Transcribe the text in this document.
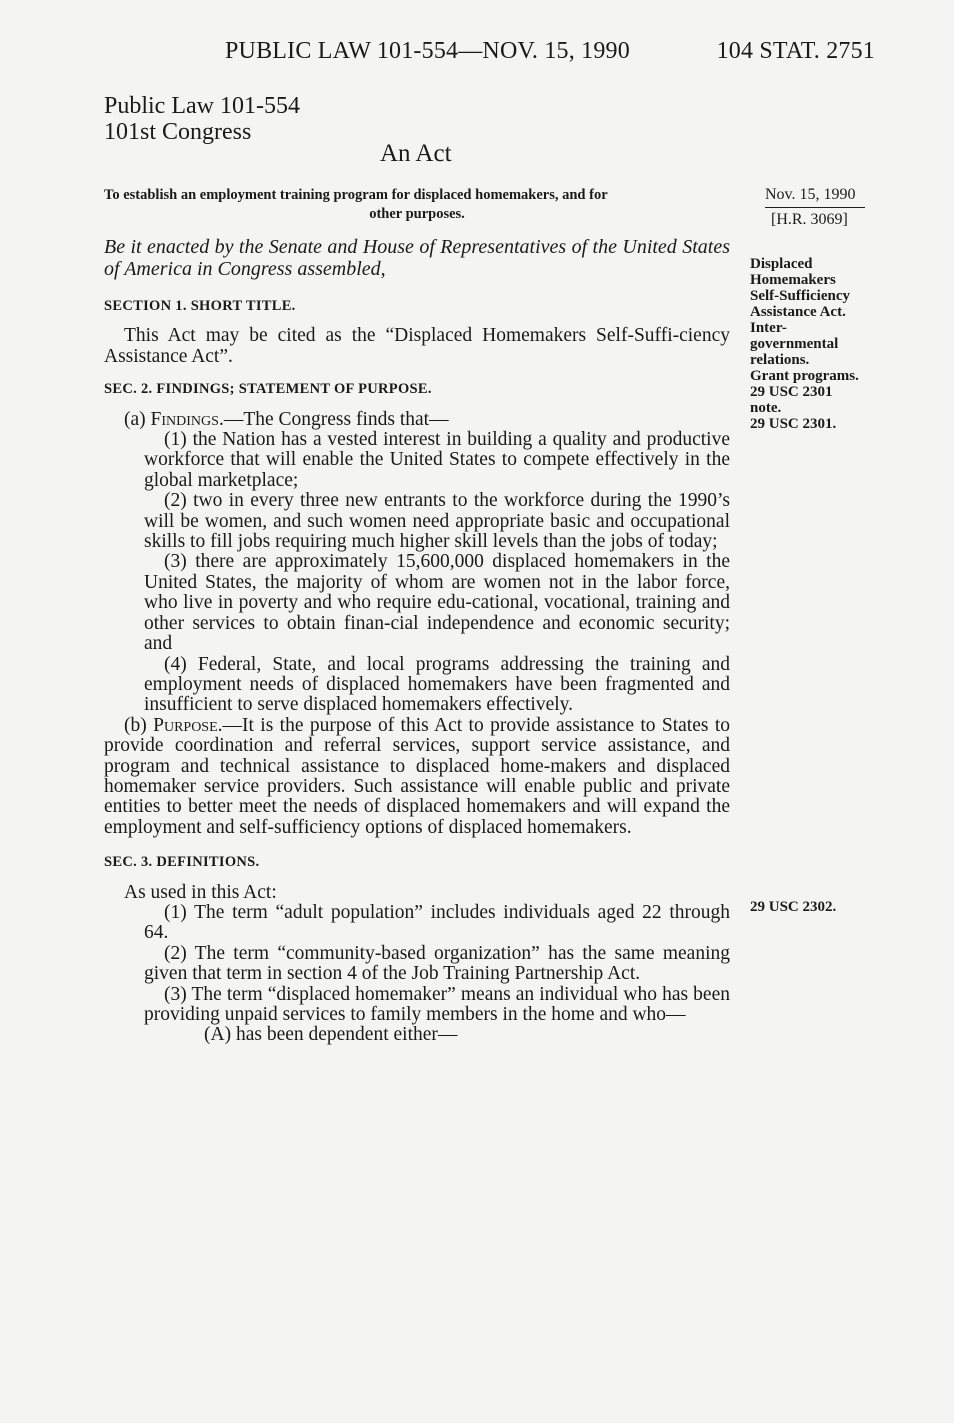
PUBLIC LAW 101-554—NOV. 15, 1990	104 STAT. 2751
Public Law 101-554
101st Congress
An Act
To establish an employment training program for displaced homemakers, and for
other purposes.
Nov. 15, 1990
[H.R. 3069]
Displaced
Homemakers
Self-Sufficiency
Assistance Act.
Inter-
governmental
relations.
Grant programs.
29 USC 2301
note.
29 USC 2301.
29 USC 2302.
Be it enacted by the Senate and House of Representatives of the United States of America in Congress assembled,

SECTION 1. SHORT TITLE.

This Act may be cited as the “Displaced Homemakers Self-Suffi-ciency Assistance Act”.

SEC. 2. FINDINGS; STATEMENT OF PURPOSE.

(a) Findings.—The Congress finds that—

(1) the Nation has a vested interest in building a quality and productive workforce that will enable the United States to compete effectively in the global marketplace;

(2) two in every three new entrants to the workforce during the 1990’s will be women, and such women need appropriate basic and occupational skills to fill jobs requiring much higher skill levels than the jobs of today;

(3) there are approximately 15,600,000 displaced homemakers in the United States, the majority of whom are women not in the labor force, who live in poverty and who require edu-cational, vocational, training and other services to obtain finan-cial independence and economic security; and

(4) Federal, State, and local programs addressing the training and employment needs of displaced homemakers have been fragmented and insufficient to serve displaced homemakers effectively.

(b) Purpose.—It is the purpose of this Act to provide assistance to States to provide coordination and referral services, support service assistance, and program and technical assistance to displaced home-makers and displaced homemaker service providers. Such assistance will enable public and private entities to better meet the needs of displaced homemakers and will expand the employment and self-sufficiency options of displaced homemakers.

SEC. 3. DEFINITIONS.

As used in this Act:

(1) The term “adult population” includes individuals aged 22 through 64.

(2) The term “community-based organization” has the same meaning given that term in section 4 of the Job Training Partnership Act.

(3) The term “displaced homemaker” means an individual who has been providing unpaid services to family members in the home and who—

(A) has been dependent either—
